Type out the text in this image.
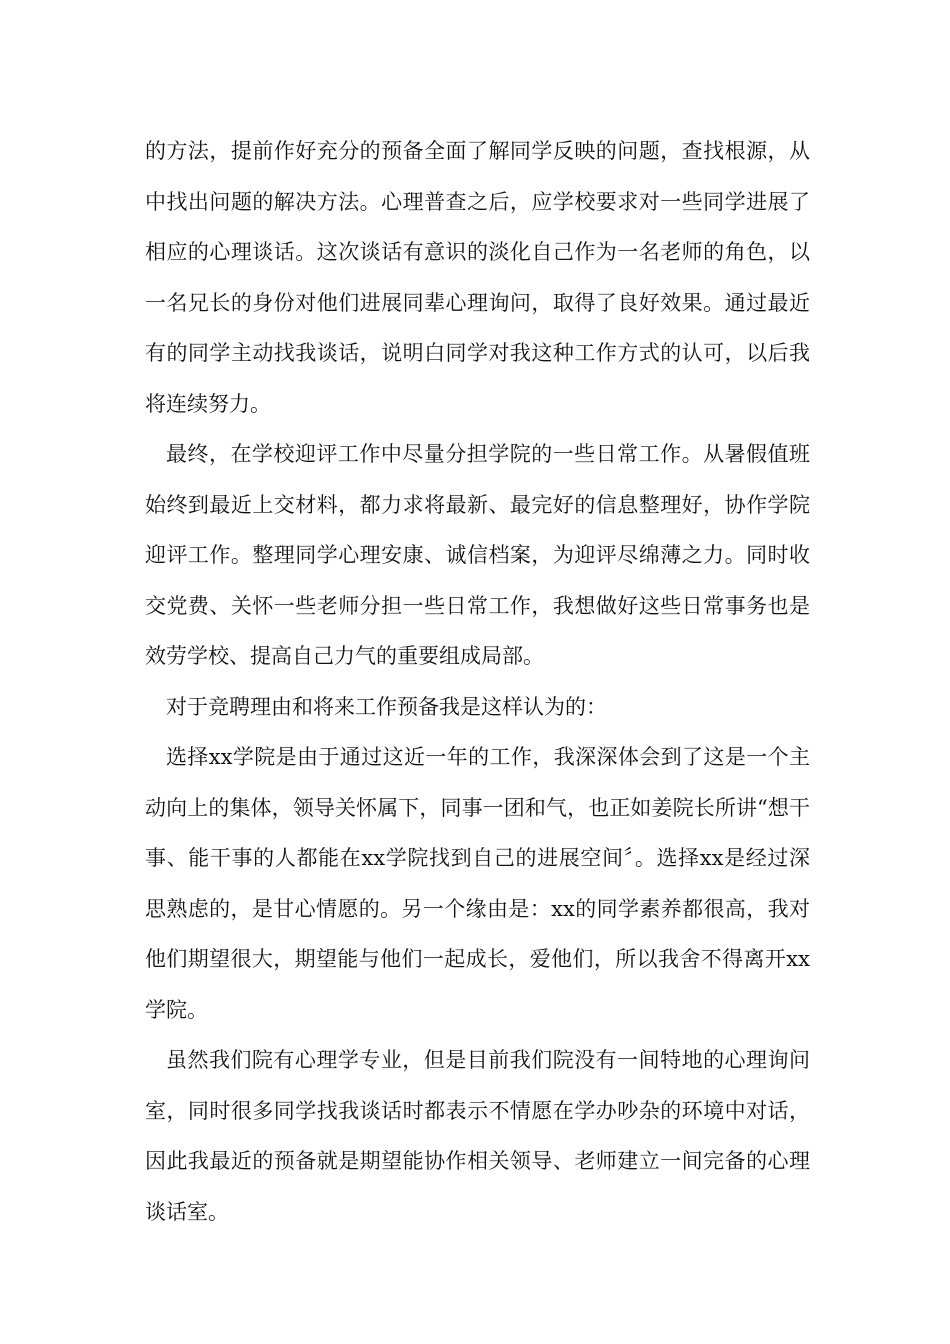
的方法，提前作好充分的预备全面了解同学反映的问题，查找根源，从中找出问题的解决方法。心理普查之后，应学校要求对一些同学进展了相应的心理谈话。这次谈话有意识的淡化自己作为一名老师的角色，以一名兄长的身份对他们进展同辈心理询问，取得了良好效果。通过最近有的同学主动找我谈话，说明白同学对我这种工作方式的认可，以后我将连续努力。

最终，在学校迎评工作中尽量分担学院的一些日常工作。从暑假值班始终到最近上交材料，都力求将最新、最完好的信息整理好，协作学院迎评工作。整理同学心理安康、诚信档案，为迎评尽绵薄之力。同时收交党费、关怀一些老师分担一些日常工作，我想做好这些日常事务也是效劳学校、提高自己力气的重要组成局部。

对于竞聘理由和将来工作预备我是这样认为的：

选择xx学院是由于通过这近一年的工作，我深深体会到了这是一个主动向上的集体，领导关怀属下，同事一团和气，也正如姜院长所讲“想干事、能干事的人都能在xx学院找到自己的进展空间〞。选择xx是经过深思熟虑的，是甘心情愿的。另一个缘由是：xx的同学素养都很高，我对他们期望很大，期望能与他们一起成长，爱他们，所以我舍不得离开xx学院。

虽然我们院有心理学专业，但是目前我们院没有一间特地的心理询问室，同时很多同学找我谈话时都表示不情愿在学办吵杂的环境中对话，因此我最近的预备就是期望能协作相关领导、老师建立一间完备的心理谈话室。
